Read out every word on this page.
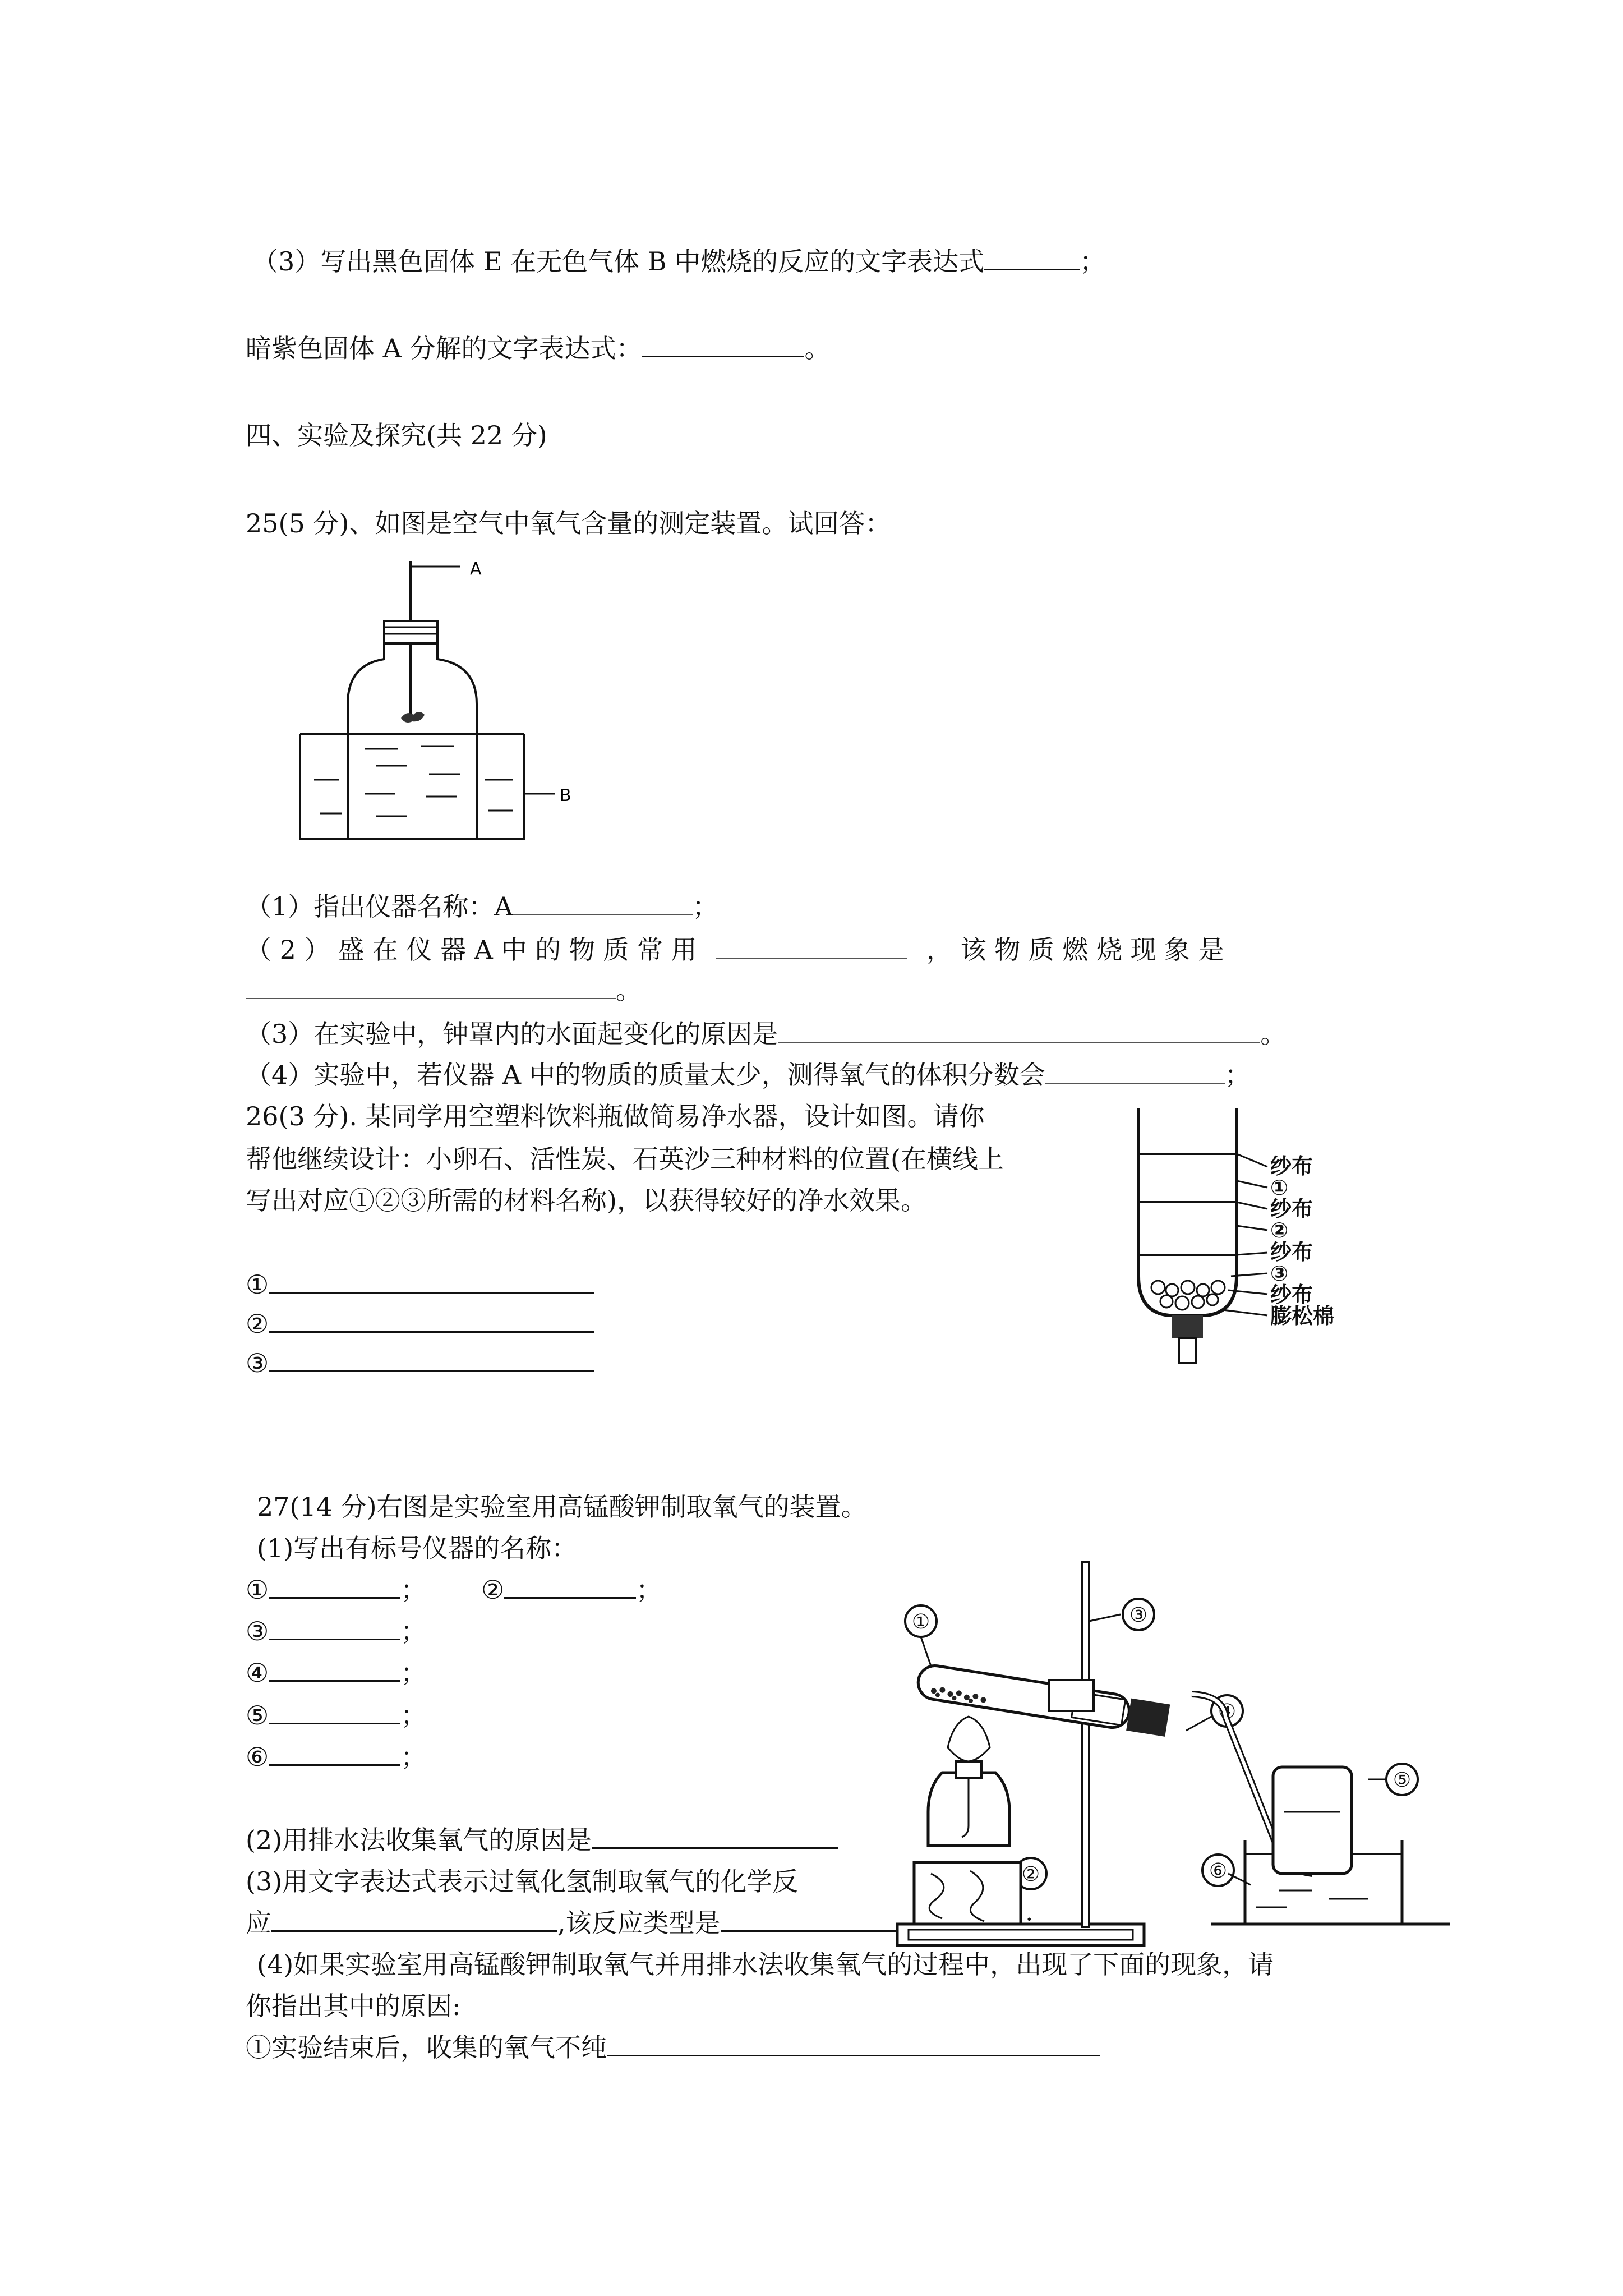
（3）写出黑色固体 E 在无色气体 B 中燃烧的反应的文字表达式	；
暗紫色固体 A 分解的文字表达式：	。
四、实验及探究(共 22 分)
25(5 分)、如图是空气中氧气含量的测定装置。试回答：
A
B
（1）指出仪器名称：A	；
（ 2 ） 盛 在 仪 器 A 中 的 物 质 常 用	， 该 物 质 燃 烧 现 象 是
。
（3）在实验中，钟罩内的水面起变化的原因是	。
（4）实验中，若仪器 A 中的物质的质量太少，测得氧气的体积分数会	；
26(3 分). 某同学用空塑料饮料瓶做简易净水器，设计如图。请你
帮他继续设计：小卵石、活性炭、石英沙三种材料的位置(在横线上
写出对应①②③所需的材料名称)，以获得较好的净水效果。
①
②
③
纱布
①
纱布
②
纱布
③
纱布
膨松棉
27(14 分)右图是实验室用高锰酸钾制取氧气的装置。
(1)写出有标号仪器的名称：
①	； ②	；
③	；
④	；
⑤	；
⑥	；
(2)用排水法收集氧气的原因是
(3)用文字表达式表示过氧化氢制取氧气的化学反
应	,该反应类型是
(4)如果实验室用高锰酸钾制取氧气并用排水法收集氧气的过程中，出现了下面的现象，请
你指出其中的原因:
①实验结束后，收集的氧气不纯
①
②
③
④
⑤
⑥
